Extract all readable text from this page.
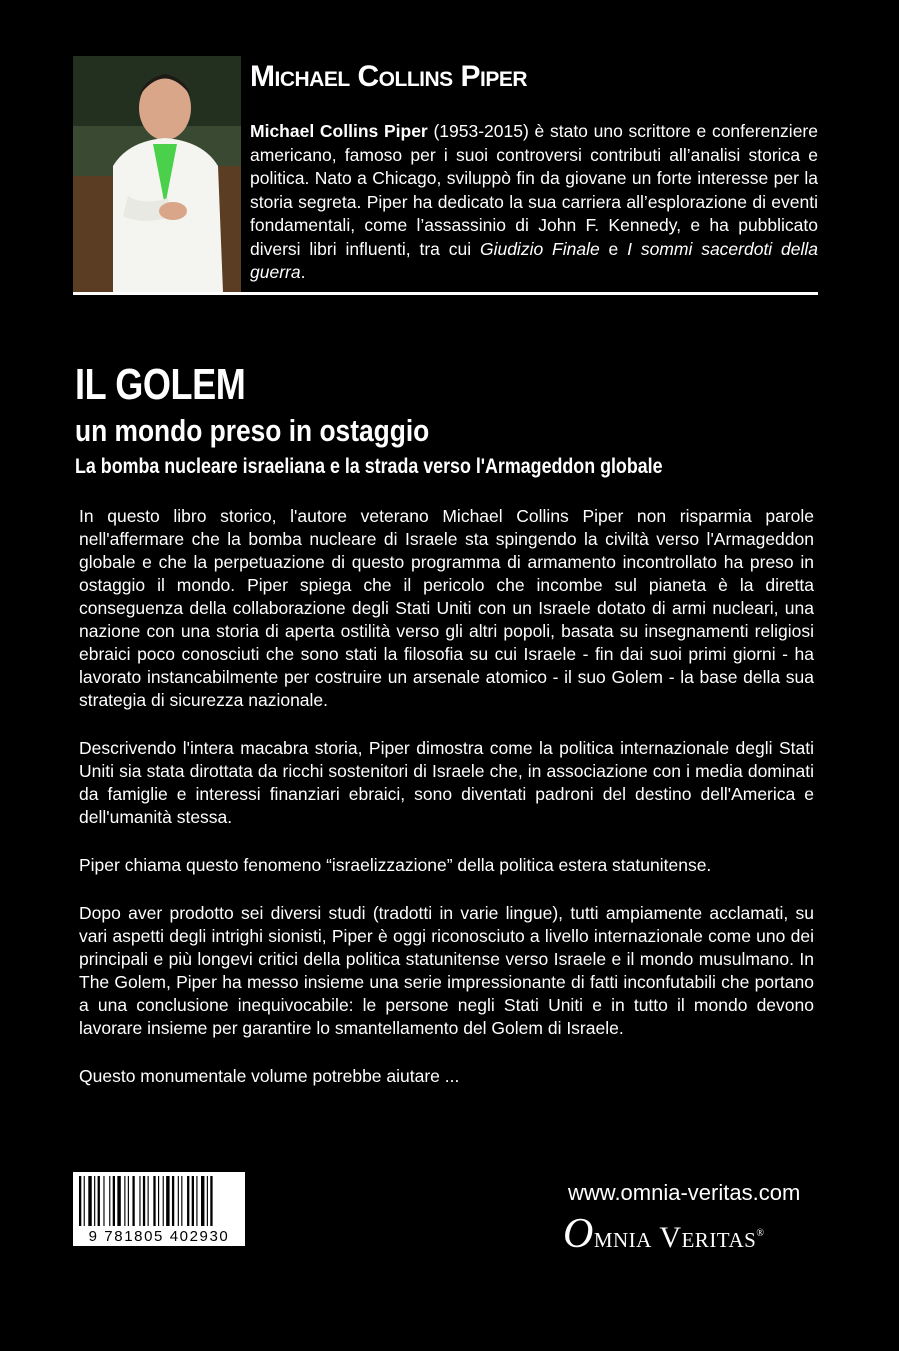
Michael Collins Piper

Michael Collins Piper (1953-2015) è stato uno scrittore e conferenziere americano, famoso per i suoi controversi contributi all’analisi storica e politica. Nato a Chicago, sviluppò fin da giovane un forte interesse per la storia segreta. Piper ha dedicato la sua carriera all’esplorazione di eventi fondamentali, come l’assassinio di John F. Kennedy, e ha pubblicato diversi libri influenti, tra cui Giudizio Finale e I sommi sacerdoti della guerra.

IL GOLEM
un mondo preso in ostaggio
La bomba nucleare israeliana e la strada verso l'Armageddon globale

In questo libro storico, l'autore veterano Michael Collins Piper non risparmia parole nell'affermare che la bomba nucleare di Israele sta spingendo la civiltà verso l'Armageddon globale e che la perpetuazione di questo programma di armamento incontrollato ha preso in ostaggio il mondo. Piper spiega che il pericolo che incombe sul pianeta è la diretta conseguenza della collaborazione degli Stati Uniti con un Israele dotato di armi nucleari, una nazione con una storia di aperta ostilità verso gli altri popoli, basata su insegnamenti religiosi ebraici poco conosciuti che sono stati la filosofia su cui Israele - fin dai suoi primi giorni - ha lavorato instancabilmente per costruire un arsenale atomico - il suo Golem - la base della sua strategia di sicurezza nazionale.

Descrivendo l'intera macabra storia, Piper dimostra come la politica internazionale degli Stati Uniti sia stata dirottata da ricchi sostenitori di Israele che, in associazione con i media dominati da famiglie e interessi finanziari ebraici, sono diventati padroni del destino dell'America e dell'umanità stessa.

Piper chiama questo fenomeno “israelizzazione” della politica estera statunitense.

Dopo aver prodotto sei diversi studi (tradotti in varie lingue), tutti ampiamente acclamati, su vari aspetti degli intrighi sionisti, Piper è oggi riconosciuto a livello internazionale come uno dei principali e più longevi critici della politica statunitense verso Israele e il mondo musulmano. In The Golem, Piper ha messo insieme una serie impressionante di fatti inconfutabili che portano a una conclusione inequivocabile: le persone negli Stati Uniti e in tutto il mondo devono lavorare insieme per garantire lo smantellamento del Golem di Israele.

Questo monumentale volume potrebbe aiutare ...

9 781805 402930
www.omnia-veritas.com
Omnia Veritas®
